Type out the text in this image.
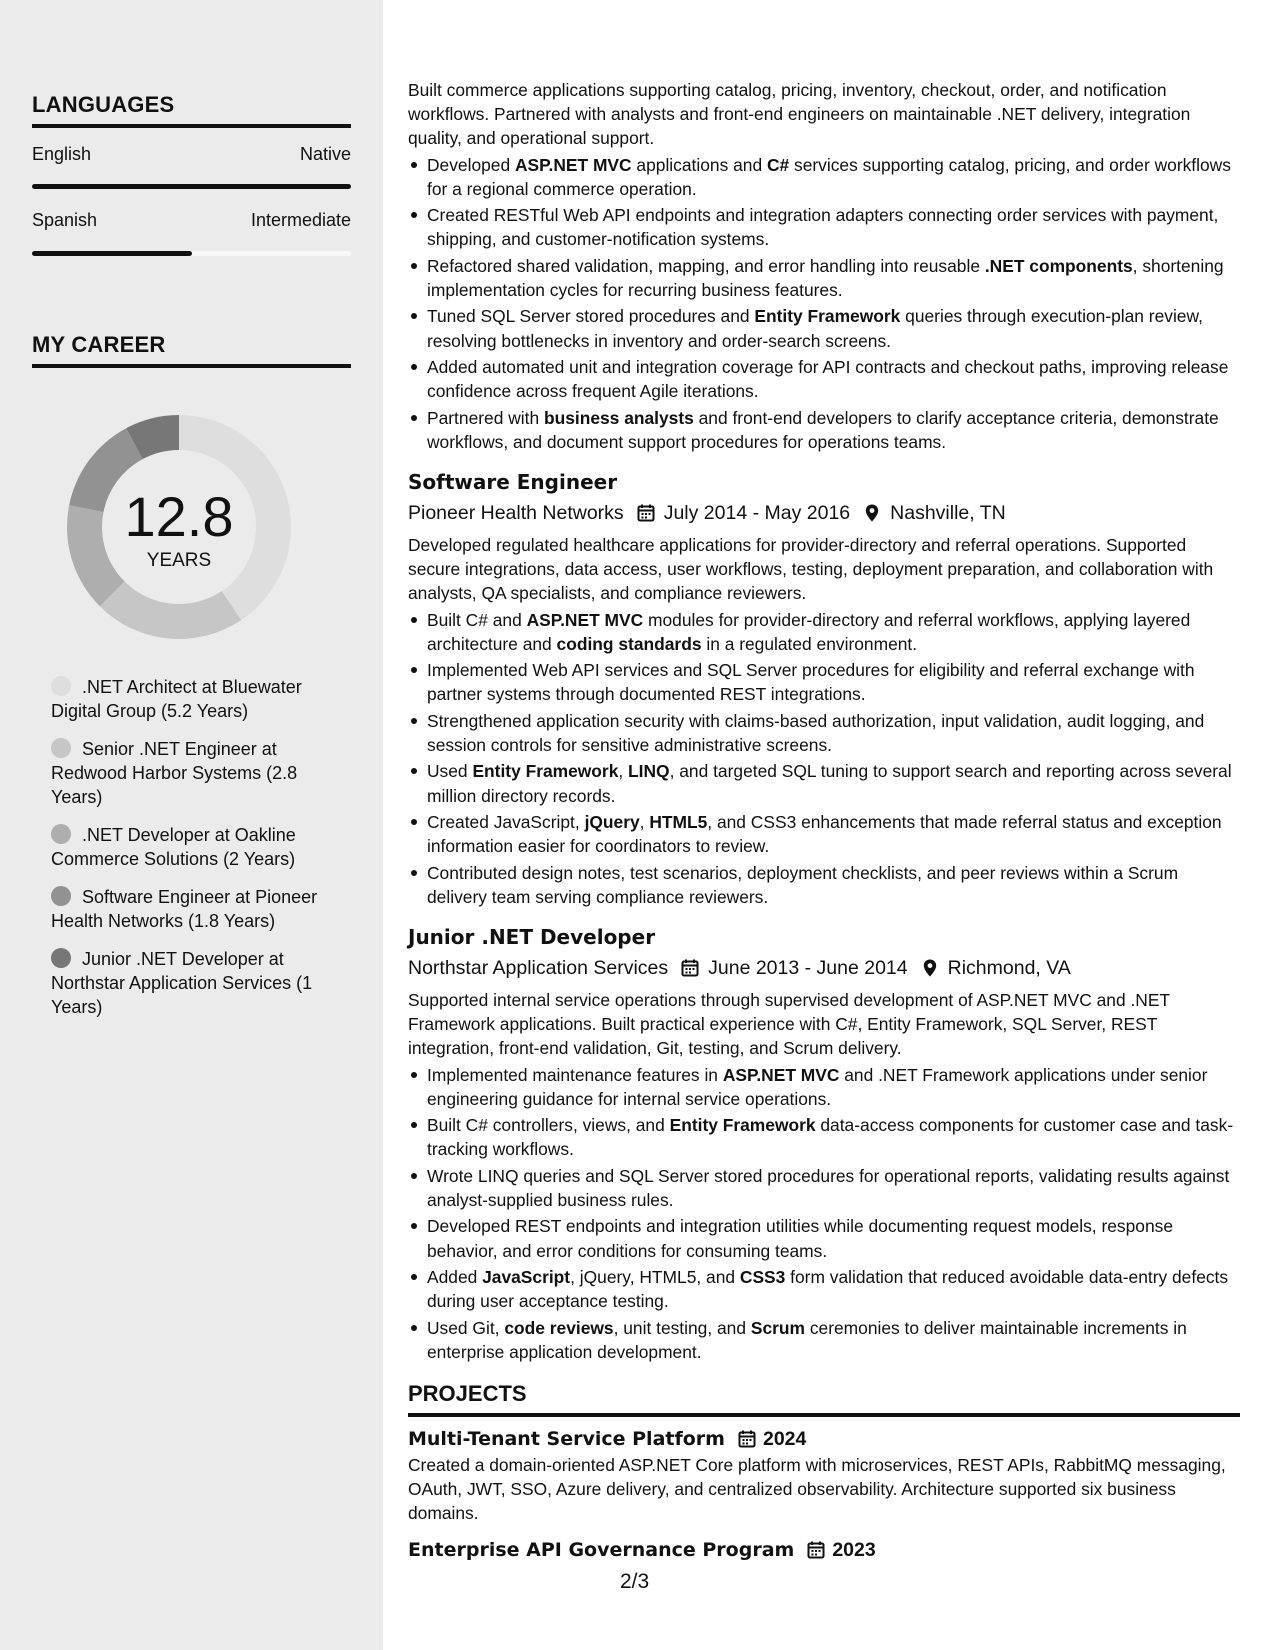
LANGUAGES
English	Native
Spanish	Intermediate
MY CAREER
12.8
YEARS
.NET Architect at Bluewater Digital Group (5.2 Years)
Senior .NET Engineer at Redwood Harbor Systems (2.8 Years)
.NET Developer at Oakline Commerce Solutions (2 Years)
Software Engineer at Pioneer Health Networks (1.8 Years)
Junior .NET Developer at Northstar Application Services (1 Years)
Built commerce applications supporting catalog, pricing, inventory, checkout, order, and notification workflows. Partnered with analysts and front-end engineers on maintainable .NET delivery, integration quality, and operational support.
Developed ASP.NET MVC applications and C# services supporting catalog, pricing, and order workflows for a regional commerce operation.
Created RESTful Web API endpoints and integration adapters connecting order services with payment, shipping, and customer-notification systems.
Refactored shared validation, mapping, and error handling into reusable .NET components, shortening implementation cycles for recurring business features.
Tuned SQL Server stored procedures and Entity Framework queries through execution-plan review, resolving bottlenecks in inventory and order-search screens.
Added automated unit and integration coverage for API contracts and checkout paths, improving release confidence across frequent Agile iterations.
Partnered with business analysts and front-end developers to clarify acceptance criteria, demonstrate workflows, and document support procedures for operations teams.
Software Engineer
Pioneer Health Networks July 2014 - May 2016 Nashville, TN
Developed regulated healthcare applications for provider-directory and referral operations. Supported secure integrations, data access, user workflows, testing, deployment preparation, and collaboration with analysts, QA specialists, and compliance reviewers.
Built C# and ASP.NET MVC modules for provider-directory and referral workflows, applying layered architecture and coding standards in a regulated environment.
Implemented Web API services and SQL Server procedures for eligibility and referral exchange with partner systems through documented REST integrations.
Strengthened application security with claims-based authorization, input validation, audit logging, and session controls for sensitive administrative screens.
Used Entity Framework, LINQ, and targeted SQL tuning to support search and reporting across several million directory records.
Created JavaScript, jQuery, HTML5, and CSS3 enhancements that made referral status and exception information easier for coordinators to review.
Contributed design notes, test scenarios, deployment checklists, and peer reviews within a Scrum delivery team serving compliance reviewers.
Junior .NET Developer
Northstar Application Services June 2013 - June 2014 Richmond, VA
Supported internal service operations through supervised development of ASP.NET MVC and .NET Framework applications. Built practical experience with C#, Entity Framework, SQL Server, REST integration, front-end validation, Git, testing, and Scrum delivery.
Implemented maintenance features in ASP.NET MVC and .NET Framework applications under senior engineering guidance for internal service operations.
Built C# controllers, views, and Entity Framework data-access components for customer case and task-tracking workflows.
Wrote LINQ queries and SQL Server stored procedures for operational reports, validating results against analyst-supplied business rules.
Developed REST endpoints and integration utilities while documenting request models, response behavior, and error conditions for consuming teams.
Added JavaScript, jQuery, HTML5, and CSS3 form validation that reduced avoidable data-entry defects during user acceptance testing.
Used Git, code reviews, unit testing, and Scrum ceremonies to deliver maintainable increments in enterprise application development.
PROJECTS
Multi-Tenant Service Platform 2024
Created a domain-oriented ASP.NET Core platform with microservices, REST APIs, RabbitMQ messaging, OAuth, JWT, SSO, Azure delivery, and centralized observability. Architecture supported six business domains.
Enterprise API Governance Program 2023
2/3
